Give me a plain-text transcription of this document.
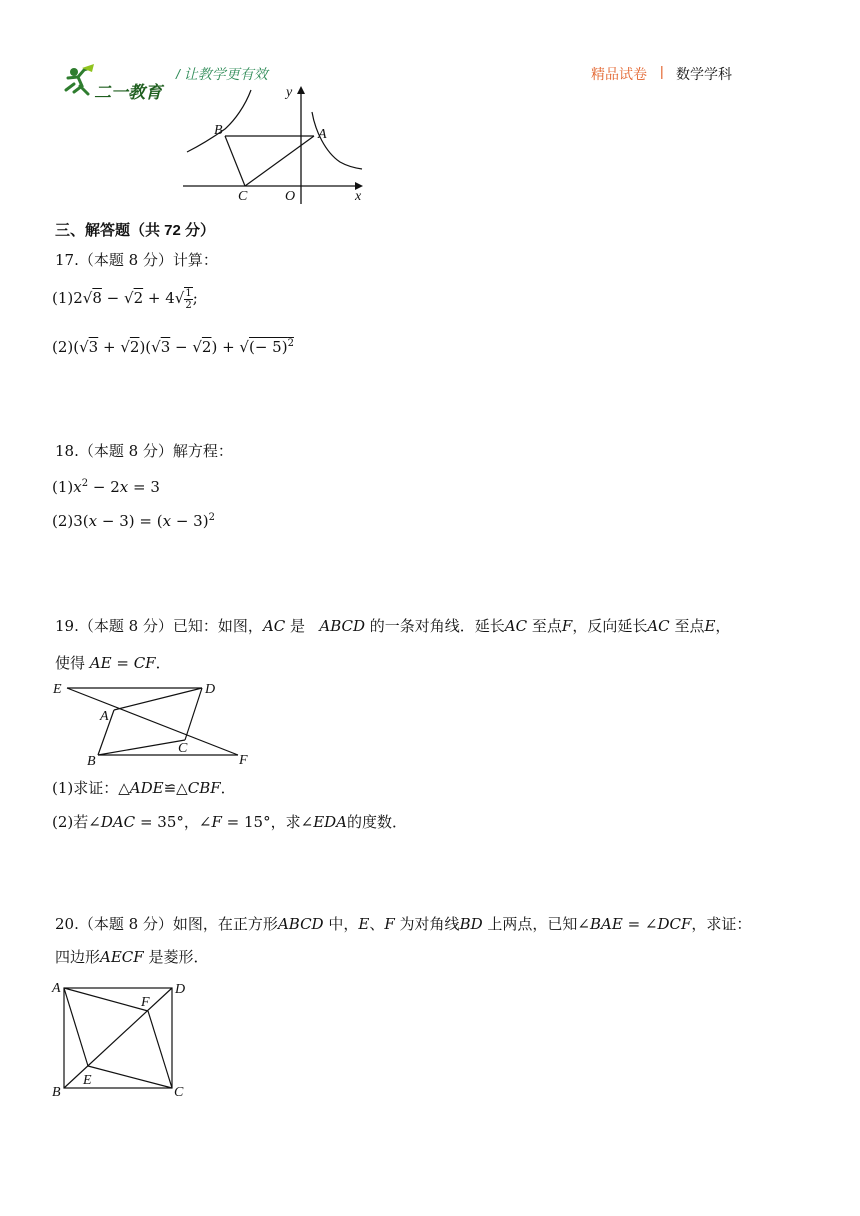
二一教育
/ 让教学更有效	精品试卷 | 数学学科
y
x
B	A
C	O
三、解答题（共 72 分）
17.（本题 8 分）计算：
$(1)2√8 - √2 + 4√ \frac{1}{2}$ ;
(2)(√3 + √2)(√3 − √2) + √(− 5)$^2$
18.（本题 8 分）解方程：
$(1)x^2 - 2x = 3$
$(2)3(x - 3) = (x - 3)^2$
19.（本题 8 分）已知：如图，AC 是 ABCD 的一条对角线．延长AC 至点F，反向延长AC 至点E，
使得 AE = CF．
E	D
A
C
B	F
(1)求证：△ADE≌△CBF．
(2)若∠DAC = 35°，∠F = 15°，求∠EDA的度数．
20.（本题 8 分）如图，在正方形ABCD 中，E、F 为对角线BD 上两点，已知∠BAE = ∠DCF，求证：
四边形AECF 是菱形．
A
F
D
E
B	C
